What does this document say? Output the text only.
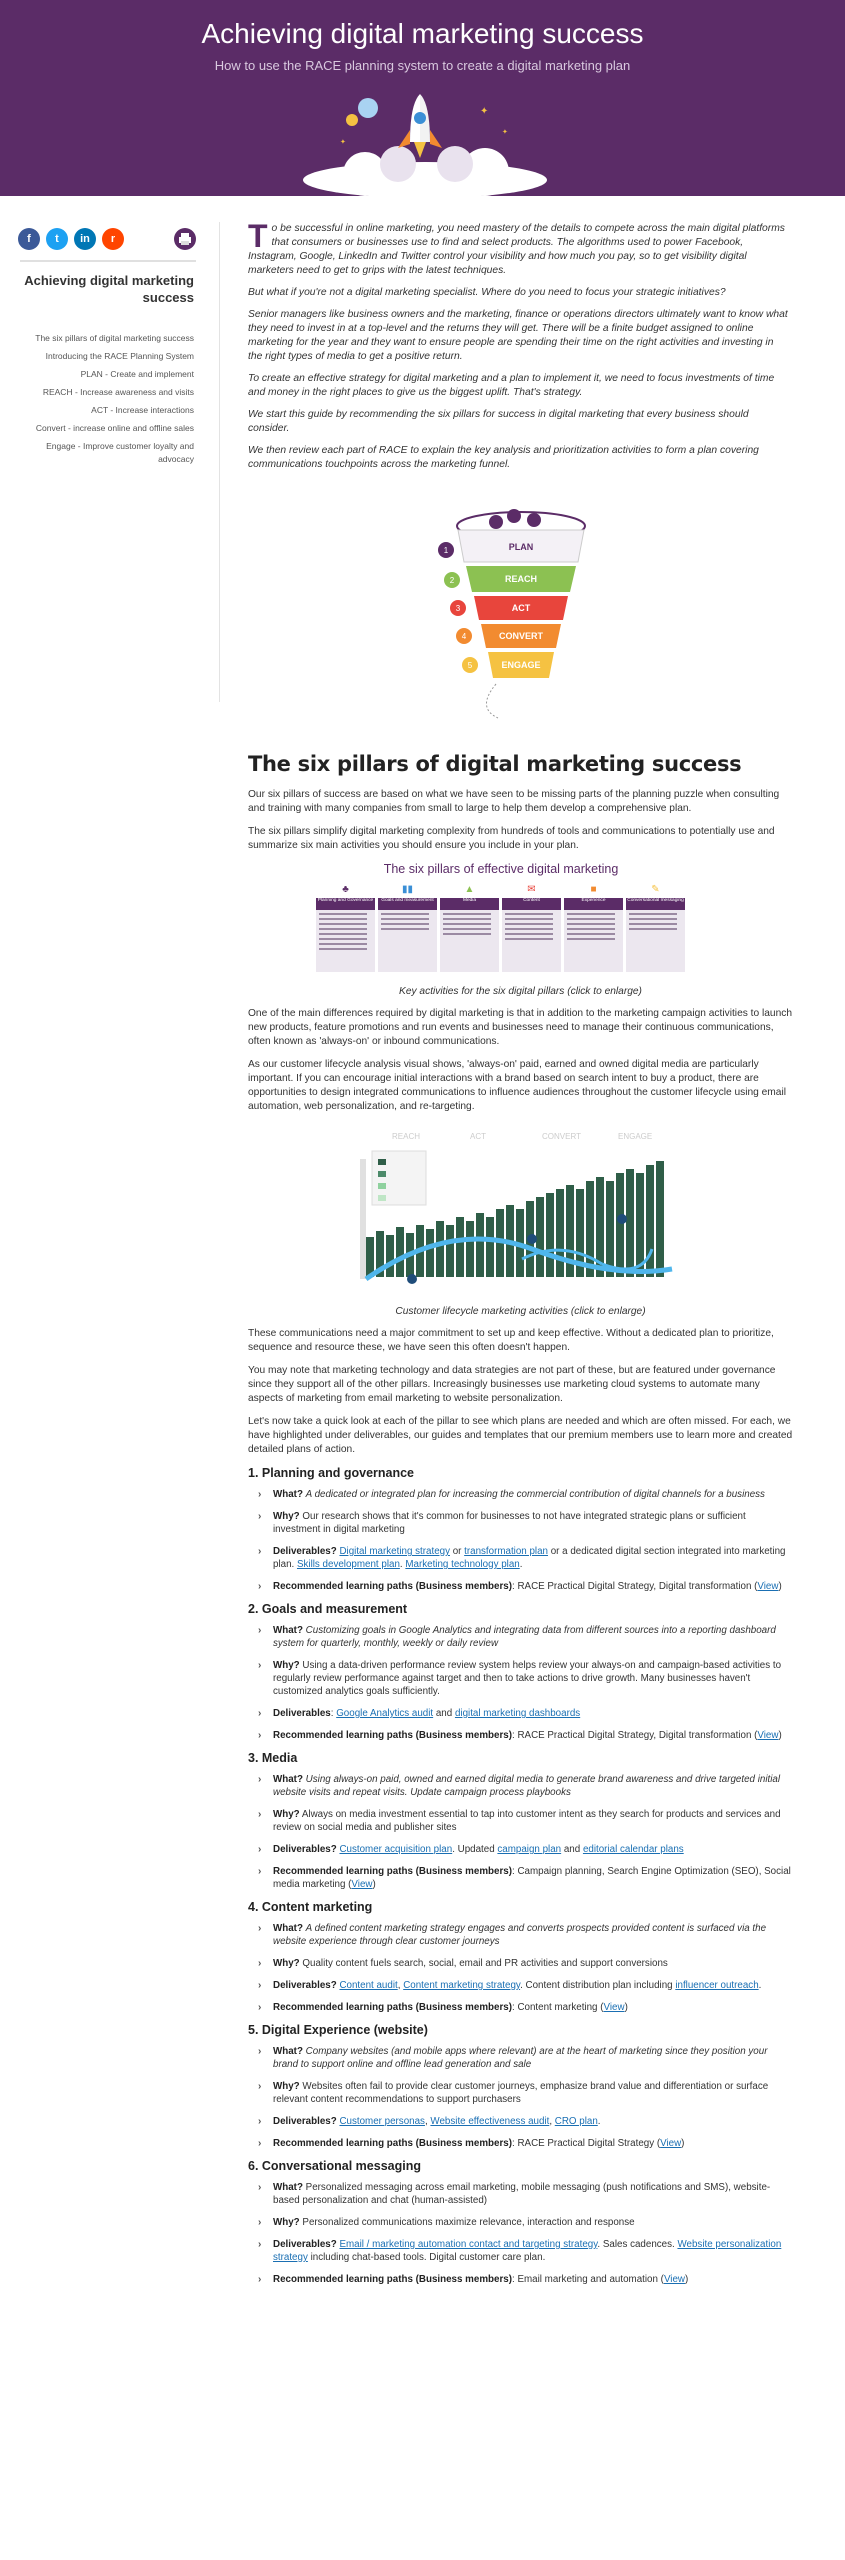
Achieving digital marketing success
How to use the RACE planning system to create a digital marketing plan
✦
✦
✦
f	t	in	r
Achieving digital marketing success
The six pillars of digital marketing success
Introducing the RACE Planning System
PLAN - Create and implement
REACH - Increase awareness and visits
ACT - Increase interactions
Convert - increase online and offline sales
Engage - Improve customer loyalty and advocacy

To be successful in online marketing, you need mastery of the details to compete across the main digital platforms that consumers or businesses use to find and select products. The algorithms used to power Facebook, Instagram, Google, LinkedIn and Twitter control your visibility and how much you pay, so to get visibility digital marketers need to get to grips with the latest techniques.

But what if you're not a digital marketing specialist. Where do you need to focus your strategic initiatives?

Senior managers like business owners and the marketing, finance or operations directors ultimately want to know what they need to invest in at a top-level and the returns they will get. There will be a finite budget assigned to online marketing for the year and they want to ensure people are spending their time on the right activities and investing in the right types of media to get a positive return.

To create an effective strategy for digital marketing and a plan to implement it, we need to focus investments of time and money in the right places to give us the biggest uplift. That's strategy.

We start this guide by recommending the six pillars for success in digital marketing that every business should consider.

We then review each part of RACE to explain the key analysis and prioritization activities to form a plan covering communications touchpoints across the marketing funnel.

1
2
3
4
5
PLAN
REACH
ACT
CONVERT
ENGAGE
The six pillars of digital marketing success

Our six pillars of success are based on what we have seen to be missing parts of the planning puzzle when consulting and training with many companies from small to large to help them develop a comprehensive plan.

The six pillars simplify digital marketing complexity from hundreds of tools and communications to potentially use and summarize six main activities you should ensure you include in your plan.

The six pillars of effective digital marketing
♣
Planning and Governance
▮▮
Goals and measurement
▲
Media
✉
Content
■
Experience
✎
Conversational messaging
Key activities for the six digital pillars (click to enlarge)

One of the main differences required by digital marketing is that in addition to the marketing campaign activities to launch new products, feature promotions and run events and businesses need to manage their continuous communications, often known as 'always-on' or inbound communications.

As our customer lifecycle analysis visual shows, 'always-on' paid, earned and owned digital media are particularly important. If you can encourage initial interactions with a brand based on search intent to buy a product, there are opportunities to design integrated communications to influence audiences throughout the customer lifecycle using email automation, web personalization, and re-targeting.

REACH	ACT	CONVERT	ENGAGE
Customer lifecycle marketing activities (click to enlarge)

These communications need a major commitment to set up and keep effective. Without a dedicated plan to prioritize, sequence and resource these, we have seen this often doesn't happen.

You may note that marketing technology and data strategies are not part of these, but are featured under governance since they support all of the other pillars. Increasingly businesses use marketing cloud systems to automate many aspects of marketing from email marketing to website personalization.

Let's now take a quick look at each of the pillar to see which plans are needed and which are often missed. For each, we have highlighted under deliverables, our guides and templates that our premium members use to learn more and created detailed plans of action.

1. Planning and governance
› What? A dedicated or integrated plan for increasing the commercial contribution of digital channels for a business
› Why? Our research shows that it's common for businesses to not have integrated strategic plans or sufficient investment in digital marketing
› Deliverables? Digital marketing strategy or transformation plan or a dedicated digital section integrated into marketing plan. Skills development plan. Marketing technology plan.
› Recommended learning paths (Business members): RACE Practical Digital Strategy, Digital transformation (View)
2. Goals and measurement
› What? Customizing goals in Google Analytics and integrating data from different sources into a reporting dashboard system for quarterly, monthly, weekly or daily review
› Why? Using a data-driven performance review system helps review your always-on and campaign-based activities to regularly review performance against target and then to take actions to drive growth. Many businesses haven't customized analytics goals sufficiently.
› Deliverables: Google Analytics audit and digital marketing dashboards
› Recommended learning paths (Business members): RACE Practical Digital Strategy, Digital transformation (View)
3. Media
› What? Using always-on paid, owned and earned digital media to generate brand awareness and drive targeted initial website visits and repeat visits. Update campaign process playbooks
› Why? Always on media investment essential to tap into customer intent as they search for products and services and review on social media and publisher sites
› Deliverables? Customer acquisition plan. Updated campaign plan and editorial calendar plans
› Recommended learning paths (Business members): Campaign planning, Search Engine Optimization (SEO), Social media marketing (View)
4. Content marketing
› What? A defined content marketing strategy engages and converts prospects provided content is surfaced via the website experience through clear customer journeys
› Why? Quality content fuels search, social, email and PR activities and support conversions
› Deliverables? Content audit, Content marketing strategy. Content distribution plan including influencer outreach.
› Recommended learning paths (Business members): Content marketing (View)
5. Digital Experience (website)
› What? Company websites (and mobile apps where relevant) are at the heart of marketing since they position your brand to support online and offline lead generation and sale
› Why? Websites often fail to provide clear customer journeys, emphasize brand value and differentiation or surface relevant content recommendations to support purchasers
› Deliverables? Customer personas, Website effectiveness audit, CRO plan.
› Recommended learning paths (Business members): RACE Practical Digital Strategy (View)
6. Conversational messaging
› What? Personalized messaging across email marketing, mobile messaging (push notifications and SMS), website-based personalization and chat (human-assisted)
› Why? Personalized communications maximize relevance, interaction and response
› Deliverables? Email / marketing automation contact and targeting strategy. Sales cadences. Website personalization strategy including chat-based tools. Digital customer care plan.
› Recommended learning paths (Business members): Email marketing and automation (View)
